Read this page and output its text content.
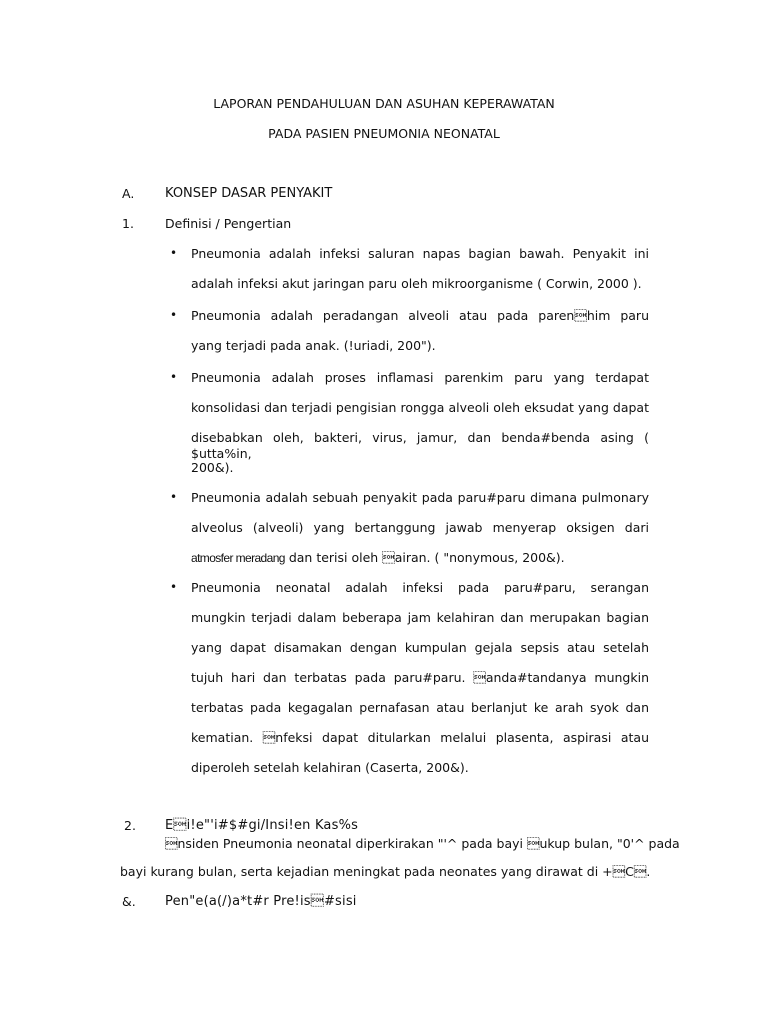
LAPORAN PENDAHULUAN DAN ASUHAN KEPERAWATAN
PADA PASIEN PNEUMONIA NEONATAL
A. KONSEP DASAR PENYAKIT
1. Definisi / Pengertian
• Pneumonia adalah infeksi saluran napas bagian bawah. Penyakit ini
adalah infeksi akut jaringan paru oleh mikroorganisme ( Corwin, 2000 ).
• Pneumonia adalah peradangan alveoli atau pada parenhim paru
yang terjadi pada anak. (!uriadi, 200").
• Pneumonia adalah proses inflamasi parenkim paru yang terdapat
konsolidasi dan terjadi pengisian rongga alveoli oleh eksudat yang dapat
disebabkan oleh, bakteri, virus, jamur, dan benda#benda asing ( $utta%in,
200&).
• Pneumonia adalah sebuah penyakit pada paru#paru dimana pulmonary
alveolus (alveoli) yang bertanggung jawab menyerap oksigen dari
atmosfer meradang dan terisi oleh airan. ( "nonymous, 200&).
• Pneumonia neonatal adalah infeksi pada paru#paru, serangan
mungkin terjadi dalam beberapa jam kelahiran dan merupakan bagian
yang dapat disamakan dengan kumpulan gejala sepsis atau setelah
tujuh hari dan terbatas pada paru#paru. anda#tandanya mungkin
terbatas pada kegagalan pernafasan atau berlanjut ke arah syok dan
kematian. nfeksi dapat ditularkan melalui plasenta, aspirasi atau
diperoleh setelah kelahiran (Caserta, 200&).
2. Ei!e"'i#$#gi/Insi!en Kas%s
nsiden Pneumonia neonatal diperkirakan "'^ pada bayi ukup bulan, "0'^ pada
bayi kurang bulan, serta kejadian meningkat pada neonates yang dirawat di +C.
&. Pen"e(a(/)a*t#r Pre!is#sisi
